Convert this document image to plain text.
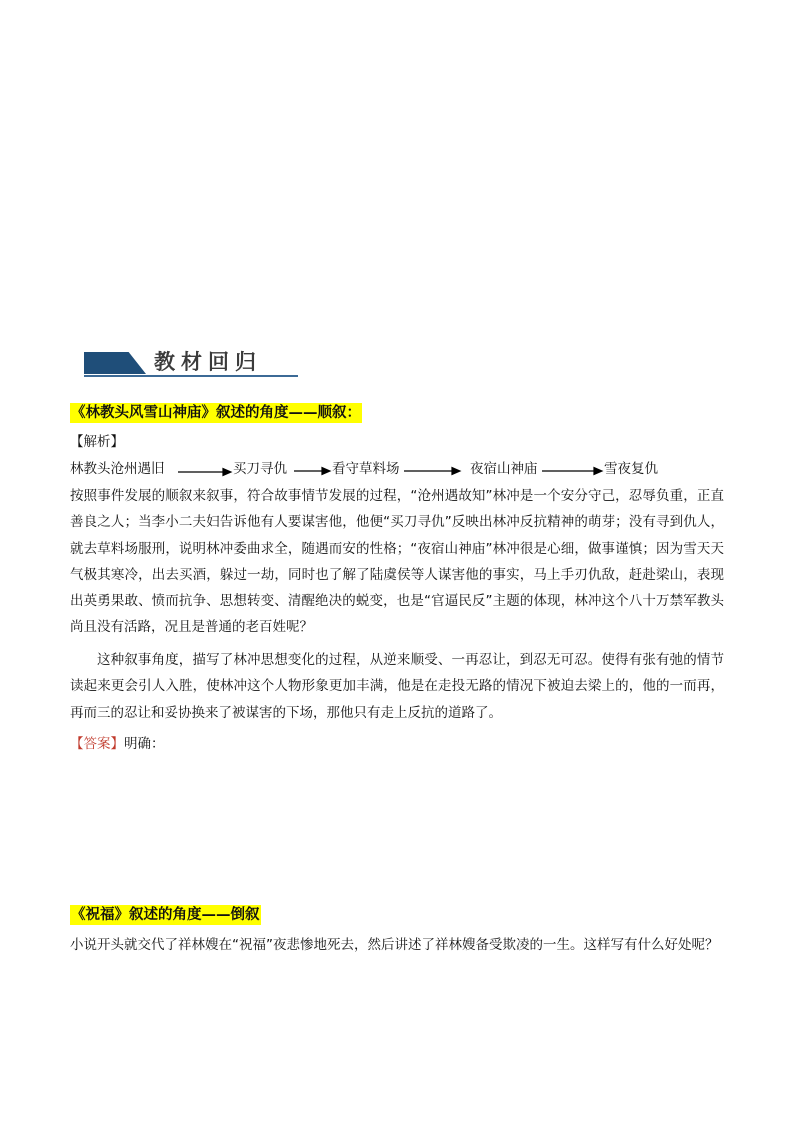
教材回归
《林教头风雪山神庙》叙述的角度——顺叙：
【解析】
林教头沧州遇旧	买刀寻仇	看守草料场	夜宿山神庙	雪夜复仇
按照事件发展的顺叙来叙事，符合故事情节发展的过程，“沧州遇故知”林冲是一个安分守己，忍辱负重，正直善良之人；当李小二夫妇告诉他有人要谋害他，他便“买刀寻仇”反映出林冲反抗精神的萌芽；没有寻到仇人，就去草料场服刑，说明林冲委曲求全，随遇而安的性格；“夜宿山神庙”林冲很是心细，做事谨慎；因为雪天天气极其寒冷，出去买酒，躲过一劫，同时也了解了陆虞侯等人谋害他的事实，马上手刃仇敌，赶赴梁山，表现出英勇果敢、愤而抗争、思想转变、清醒绝决的蜕变，也是“官逼民反”主题的体现，林冲这个八十万禁军教头尚且没有活路，况且是普通的老百姓呢？
这种叙事角度，描写了林冲思想变化的过程，从逆来顺受、一再忍让，到忍无可忍。使得有张有弛的情节读起来更会引人入胜，使林冲这个人物形象更加丰满，他是在走投无路的情况下被迫去梁上的，他的一而再，再而三的忍让和妥协换来了被谋害的下场，那他只有走上反抗的道路了。
【答案】明确：
《祝福》叙述的角度——倒叙
小说开头就交代了祥林嫂在“祝福”夜悲惨地死去，然后讲述了祥林嫂备受欺凌的一生。这样写有什么好处呢？
